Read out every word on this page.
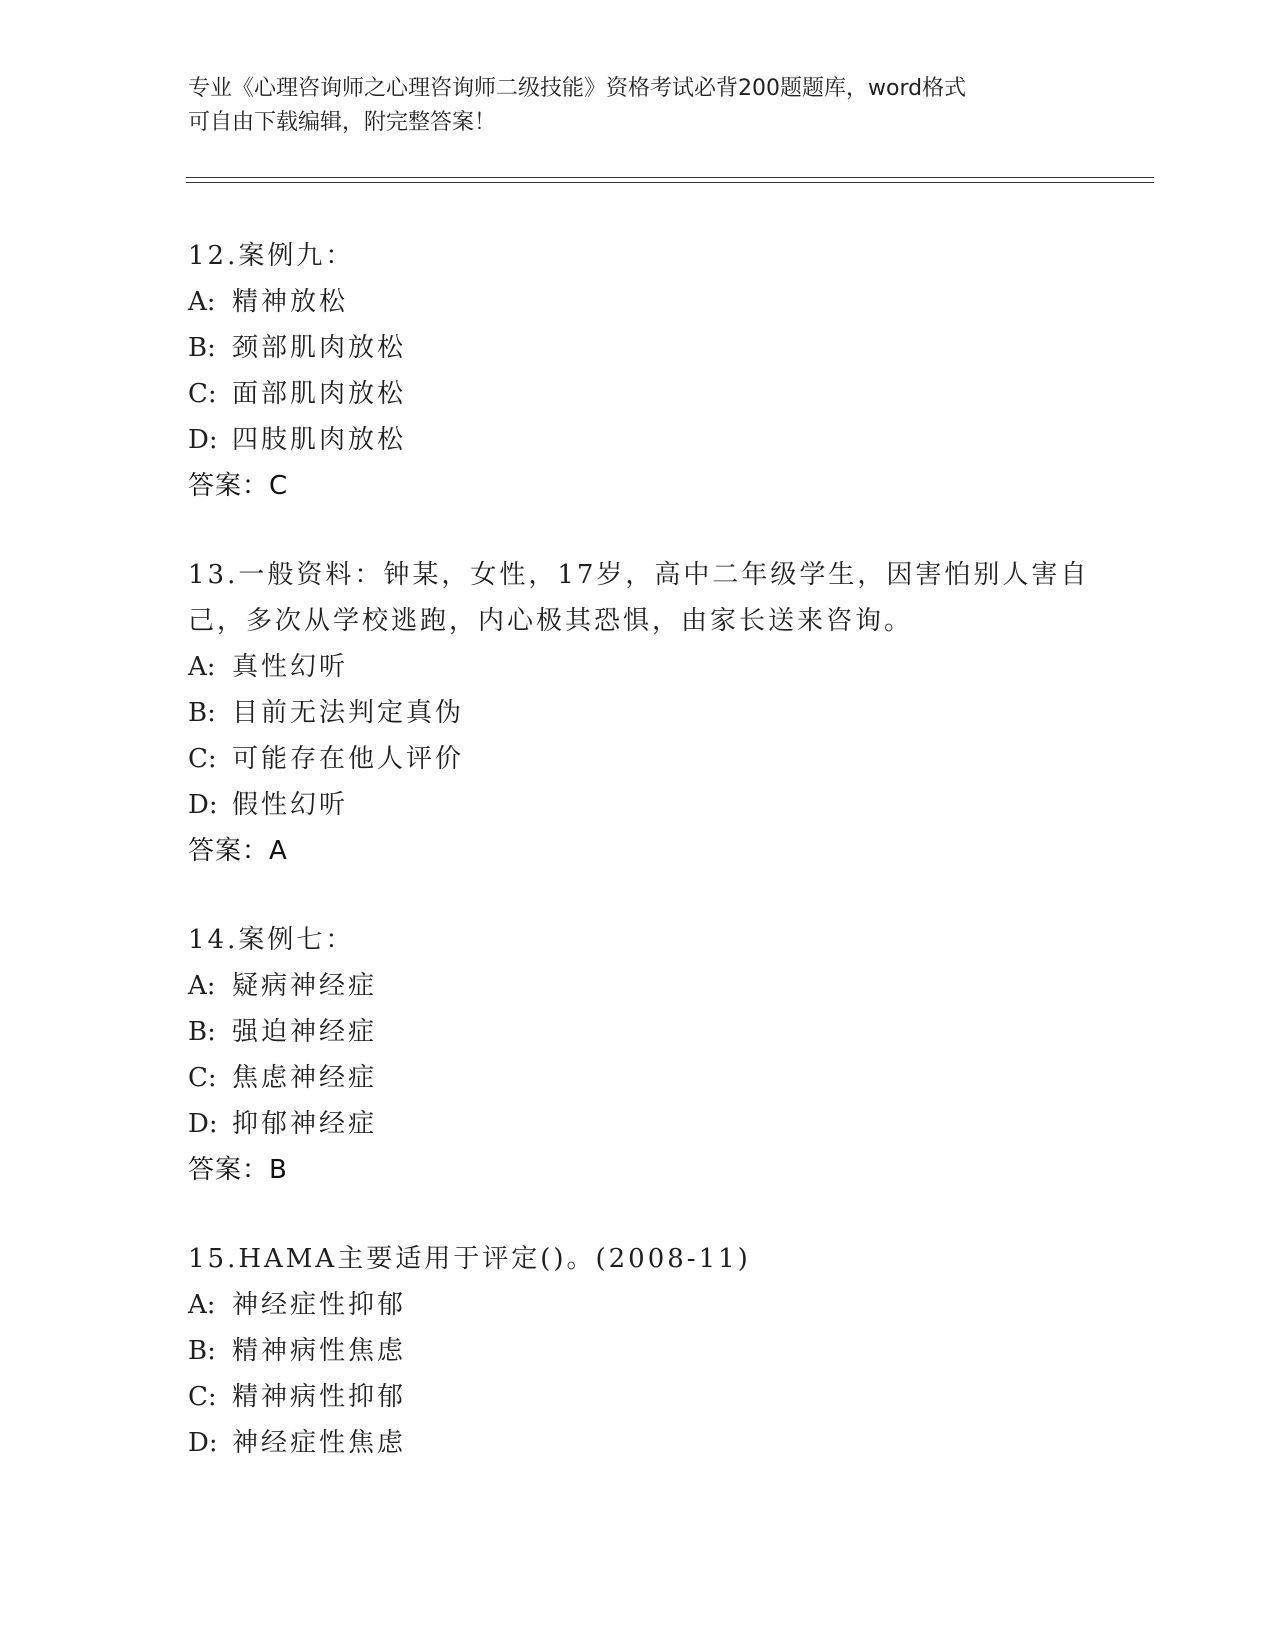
专业《心理咨询师之心理咨询师二级技能》资格考试必背200题题库，word格式
可自由下载编辑，附完整答案！
12.案例九：
A: 精神放松
B: 颈部肌肉放松
C: 面部肌肉放松
D: 四肢肌肉放松
答案：C
13.一般资料：钟某，女性，17岁，高中二年级学生，因害怕别人害自
己，多次从学校逃跑，内心极其恐惧，由家长送来咨询。
A: 真性幻听
B: 目前无法判定真伪
C: 可能存在他人评价
D: 假性幻听
答案：A
14.案例七：
A: 疑病神经症
B: 强迫神经症
C: 焦虑神经症
D: 抑郁神经症
答案：B
15.HAMA主要适用于评定()。(2008-11)
A: 神经症性抑郁
B: 精神病性焦虑
C: 精神病性抑郁
D: 神经症性焦虑
